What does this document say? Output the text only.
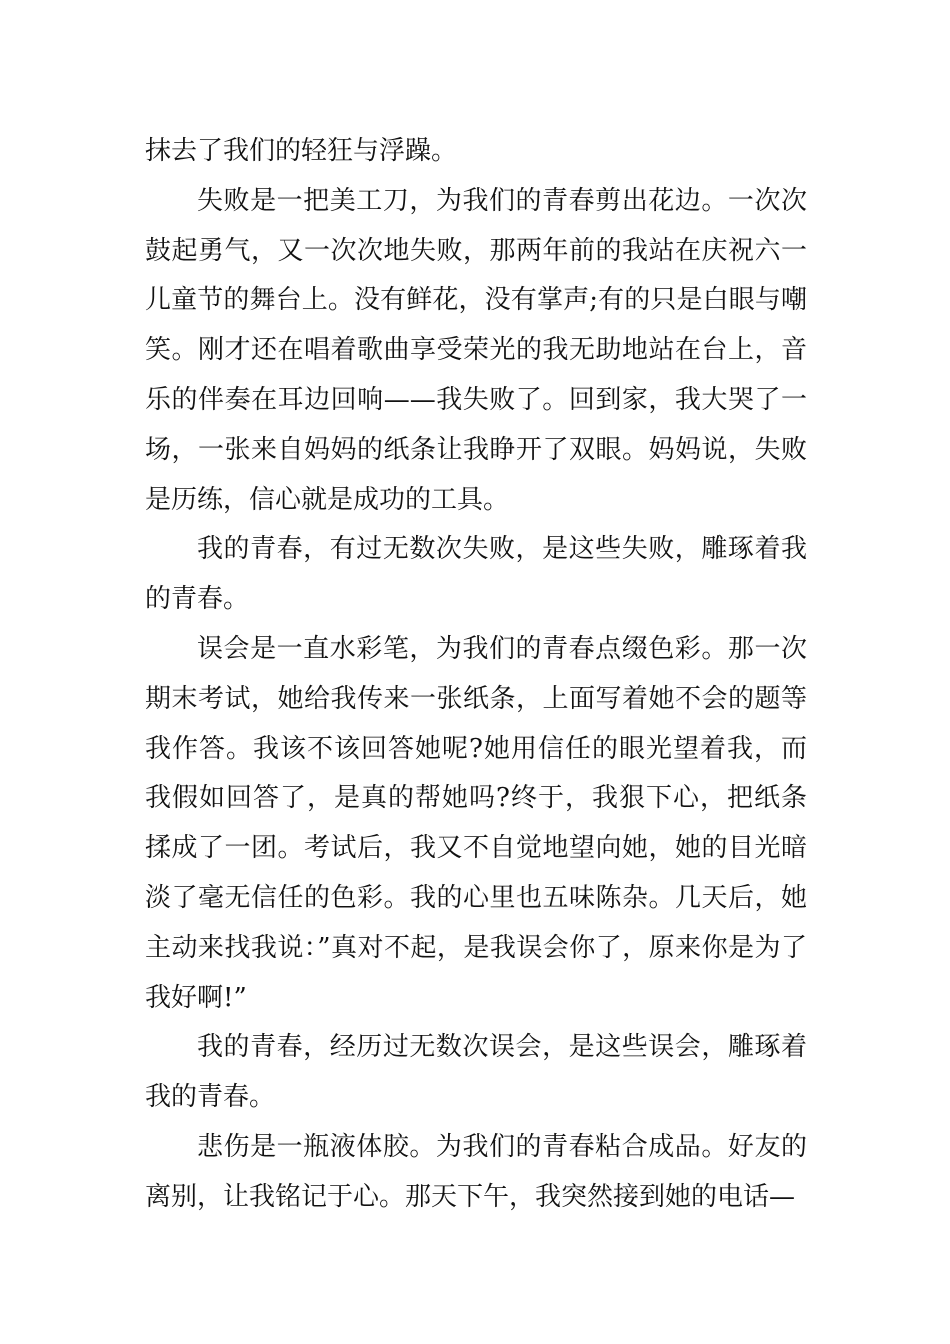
抹去了我们的轻狂与浮躁。

失败是一把美工刀，为我们的青春剪出花边。一次次鼓起勇气，又一次次地失败，那两年前的我站在庆祝六一儿童节的舞台上。没有鲜花，没有掌声;有的只是白眼与嘲笑。刚才还在唱着歌曲享受荣光的我无助地站在台上，音乐的伴奏在耳边回响——我失败了。回到家，我大哭了一场，一张来自妈妈的纸条让我睁开了双眼。妈妈说，失败是历练，信心就是成功的工具。

我的青春，有过无数次失败，是这些失败，雕琢着我的青春。

误会是一直水彩笔，为我们的青春点缀色彩。那一次期末考试，她给我传来一张纸条，上面写着她不会的题等我作答。我该不该回答她呢?她用信任的眼光望着我，而我假如回答了，是真的帮她吗?终于，我狠下心，把纸条揉成了一团。考试后，我又不自觉地望向她，她的目光暗淡了毫无信任的色彩。我的心里也五味陈杂。几天后，她主动来找我说：”真对不起，是我误会你了，原来你是为了我好啊!”

我的青春，经历过无数次误会，是这些误会，雕琢着我的青春。

悲伤是一瓶液体胶。为我们的青春粘合成品。好友的离别，让我铭记于心。那天下午，我突然接到她的电话—
